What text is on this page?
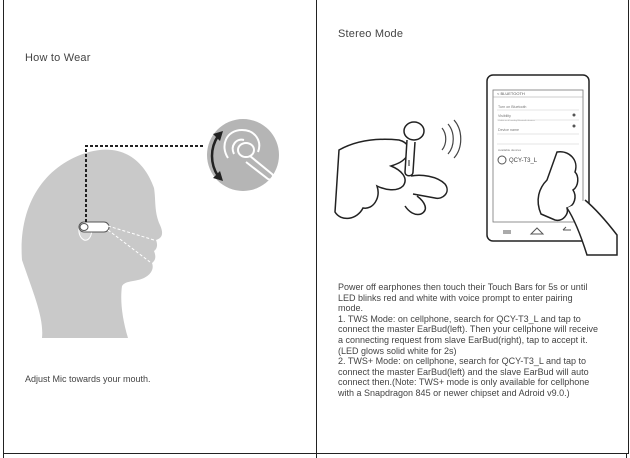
How to Wear
Adjust Mic towards your mouth.
Stereo Mode
< BLUETOOTH
Turn on Bluetooth
Visibility
Visible to all nearby Bluetooth devices
Device name
Available devices
QCY-T3_L

Power off earphones then touch their Touch Bars for 5s or until LED blinks red and white with voice prompt to enter pairing mode.

1. TWS Mode: on cellphone, search for QCY-T3_L and tap to connect the master EarBud(left). Then your cellphone will receive a connecting request from slave EarBud(right), tap to accept it.(LED glows solid white for 2s)

2. TWS+ Mode: on cellphone, search for QCY-T3_L and tap to connect the master EarBud(left) and the slave EarBud will auto connect then.(Note: TWS+ mode is only available for cellphone with a Snapdragon 845 or newer chipset and Adroid v9.0.)
